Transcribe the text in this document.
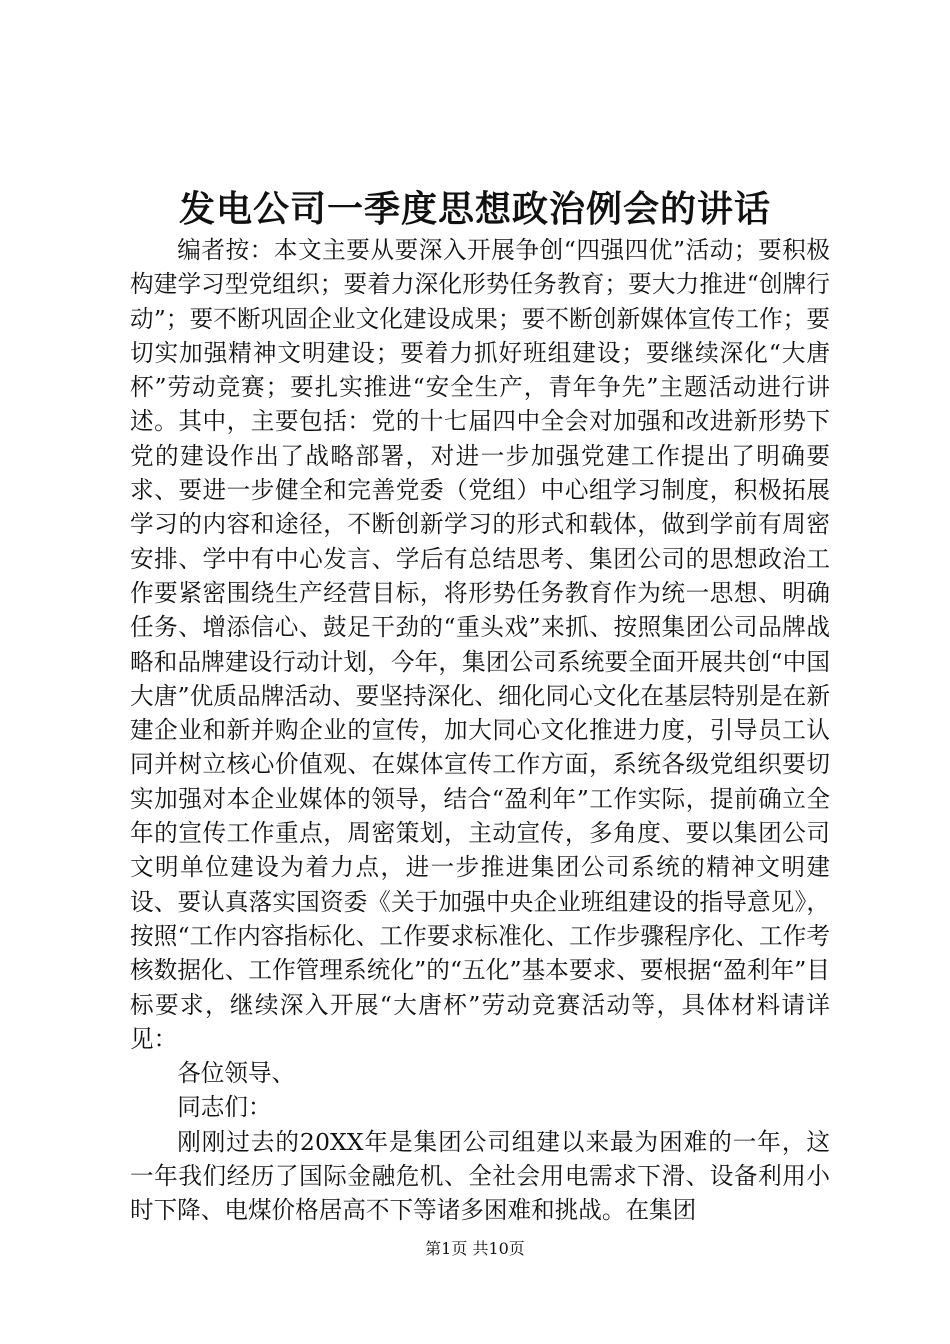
发电公司一季度思想政治例会的讲话

编者按：本文主要从要深入开展争创“四强四优”活动；要积极构建学习型党组织；要着力深化形势任务教育；要大力推进“创牌行动”；要不断巩固企业文化建设成果；要不断创新媒体宣传工作；要切实加强精神文明建设；要着力抓好班组建设；要继续深化“大唐杯”劳动竞赛；要扎实推进“安全生产，青年争先”主题活动进行讲述。其中，主要包括：党的十七届四中全会对加强和改进新形势下党的建设作出了战略部署，对进一步加强党建工作提出了明确要求、要进一步健全和完善党委（党组）中心组学习制度，积极拓展学习的内容和途径，不断创新学习的形式和载体，做到学前有周密安排、学中有中心发言、学后有总结思考、集团公司的思想政治工作要紧密围绕生产经营目标，将形势任务教育作为统一思想、明确任务、增添信心、鼓足干劲的“重头戏”来抓、按照集团公司品牌战略和品牌建设行动计划，今年，集团公司系统要全面开展共创“中国大唐”优质品牌活动、要坚持深化、细化同心文化在基层特别是在新建企业和新并购企业的宣传，加大同心文化推进力度，引导员工认同并树立核心价值观、在媒体宣传工作方面，系统各级党组织要切实加强对本企业媒体的领导，结合“盈利年”工作实际，提前确立全年的宣传工作重点，周密策划，主动宣传，多角度、要以集团公司文明单位建设为着力点，进一步推进集团公司系统的精神文明建设、要认真落实国资委《关于加强中央企业班组建设的指导意见》，按照“工作内容指标化、工作要求标准化、工作步骤程序化、工作考核数据化、工作管理系统化”的“五化”基本要求、要根据“盈利年”目标要求，继续深入开展“大唐杯”劳动竞赛活动等，具体材料请详见：

各位领导、

同志们：

刚刚过去的20XX年是集团公司组建以来最为困难的一年，这一年我们经历了国际金融危机、全社会用电需求下滑、设备利用小时下降、电煤价格居高不下等诸多困难和挑战。在集团

第1页 共10页
